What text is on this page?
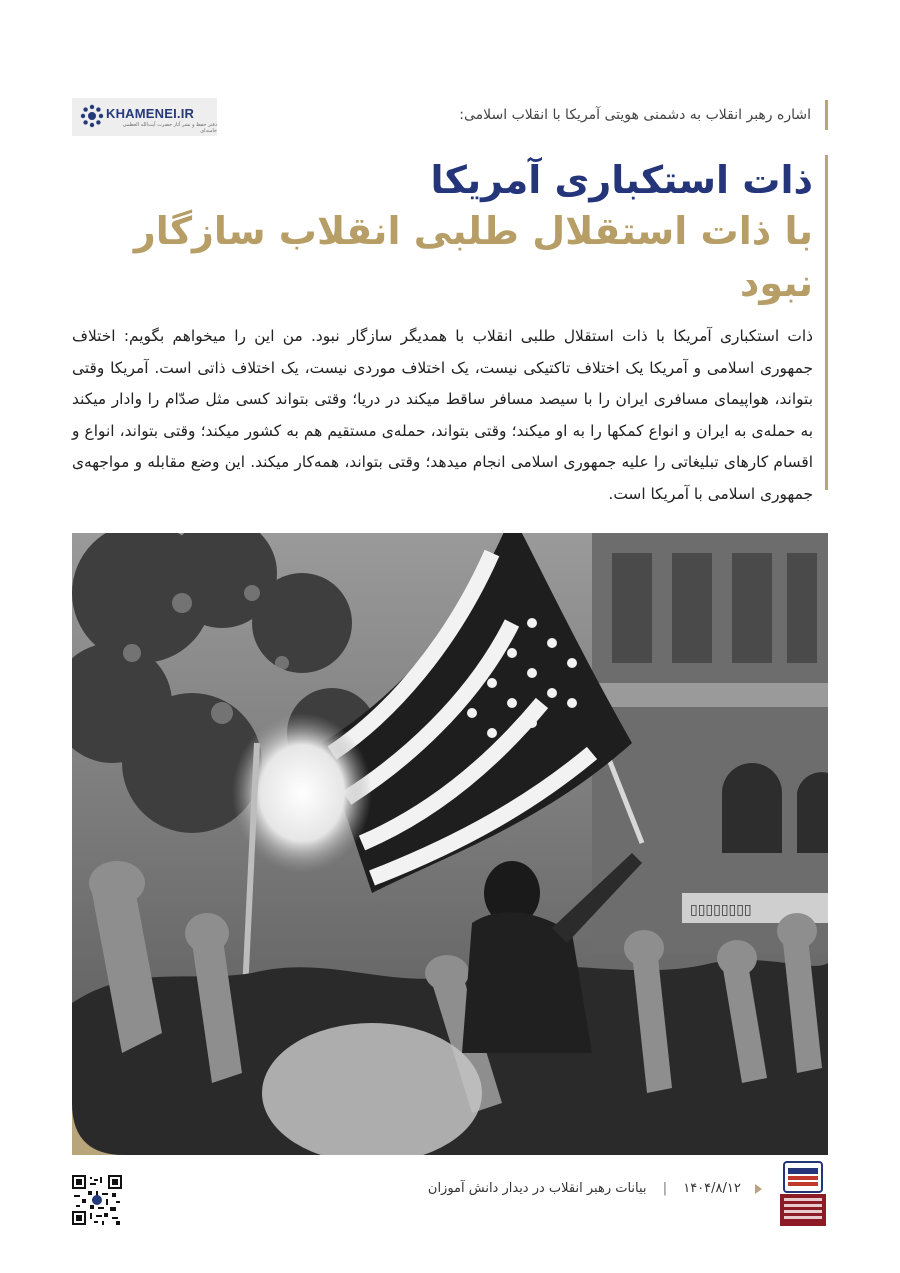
اشاره رهبر انقلاب به دشمنی هویتی آمریکا با انقلاب اسلامی:
KHAMENEI.IR
دفتر حفظ و نشر آثار حضرت آیت‌الله العظمی خامنه‌ای
ذات استکباری آمریکا
با ذات استقلال طلبی انقلاب سازگار نبود

ذات استکباری آمریکا با ذات استقلال طلبی انقلاب با همدیگر سازگار نبود. من این را میخواهم بگویم: اختلاف جمهوری اسلامی و آمریکا یک اختلاف تاکتیکی نیست، یک اختلاف موردی نیست، یک اختلاف ذاتی است. آمریکا وقتی بتواند، هواپیمای مسافری ایران را با سیصد مسافر ساقط میکند در دریا؛ وقتی بتواند کسی مثل صدّام را وادار میکند به حمله‌ی به ایران و انواع کمکها را به او میکند؛ وقتی بتواند، حمله‌ی مستقیم هم به کشور میکند؛ وقتی بتواند، انواع و اقسام کارهای تبلیغاتی را علیه جمهوری اسلامی انجام میدهد؛ وقتی بتواند، همه‌کار میکند. این وضع مقابله و مواجهه‌ی جمهوری اسلامی با آمریکا است.

▯▯▯▯▯▯▯▯
۱۴۰۴/۸/۱۲ | بیانات رهبر انقلاب در دیدار دانش آموزان
